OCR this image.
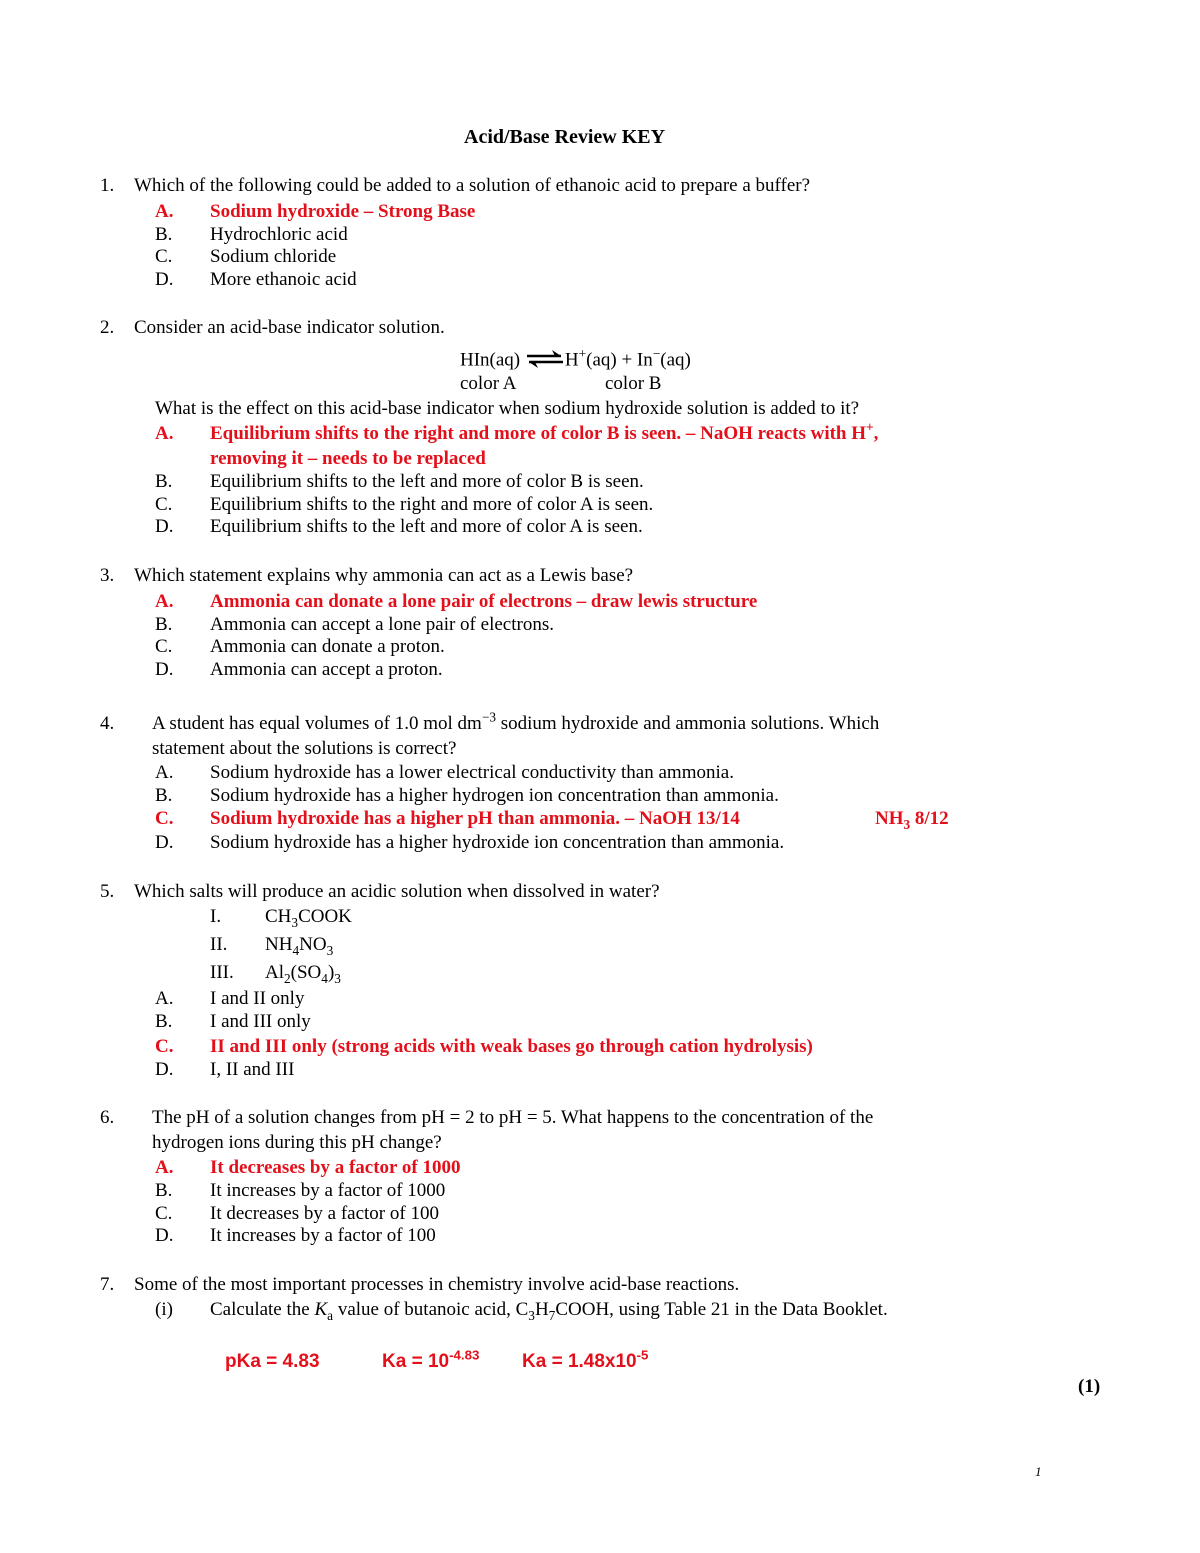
Acid/Base Review KEY
1. Which of the following could be added to a solution of ethanoic acid to prepare a buffer?
A. Sodium hydroxide – Strong Base
B. Hydrochloric acid
C. Sodium chloride
D. More ethanoic acid
2. Consider an acid-base indicator solution.
HIn(aq) ⇌H+(aq) + In−(aq)
color A	color B
What is the effect on this acid-base indicator when sodium hydroxide solution is added to it?
A. Equilibrium shifts to the right and more of color B is seen. – NaOH reacts with H+,
removing it – needs to be replaced
B. Equilibrium shifts to the left and more of color B is seen.
C. Equilibrium shifts to the right and more of color A is seen.
D. Equilibrium shifts to the left and more of color A is seen.
3. Which statement explains why ammonia can act as a Lewis base?
A. Ammonia can donate a lone pair of electrons – draw lewis structure
B. Ammonia can accept a lone pair of electrons.
C. Ammonia can donate a proton.
D. Ammonia can accept a proton.
4. A student has equal volumes of 1.0 mol $dm^{-3}$ sodium hydroxide and ammonia solutions. Which
statement about the solutions is correct?
A. Sodium hydroxide has a lower electrical conductivity than ammonia.
B. Sodium hydroxide has a higher hydrogen ion concentration than ammonia.
C. Sodium hydroxide has a higher pH than ammonia. – NaOH 13/14	$NH_3$ 8/12
D. Sodium hydroxide has a higher hydroxide ion concentration than ammonia.
5. Which salts will produce an acidic solution when dissolved in water?
I. $CH_3COOK$
II. $NH_4NO_3$
III. $Al_2(SO_4)_3$
A. I and II only
B. I and III only
C. II and III only (strong acids with weak bases go through cation hydrolysis)
D. I, II and III
6. The pH of a solution changes from pH = 2 to pH = 5. What happens to the concentration of the
hydrogen ions during this pH change?
A. It decreases by a factor of 1000
B. It increases by a factor of 1000
C. It decreases by a factor of 100
D. It increases by a factor of 100
7. Some of the most important processes in chemistry involve acid-base reactions.
(i) Calculate the $K_a$ value of butanoic acid, $C_3H_7COOH$, using Table 21 in the Data Booklet.
pKa = 4.83	$Ka = 10^{-4.83}$ $Ka = 1.48x10^{-5}$
(1)
1
